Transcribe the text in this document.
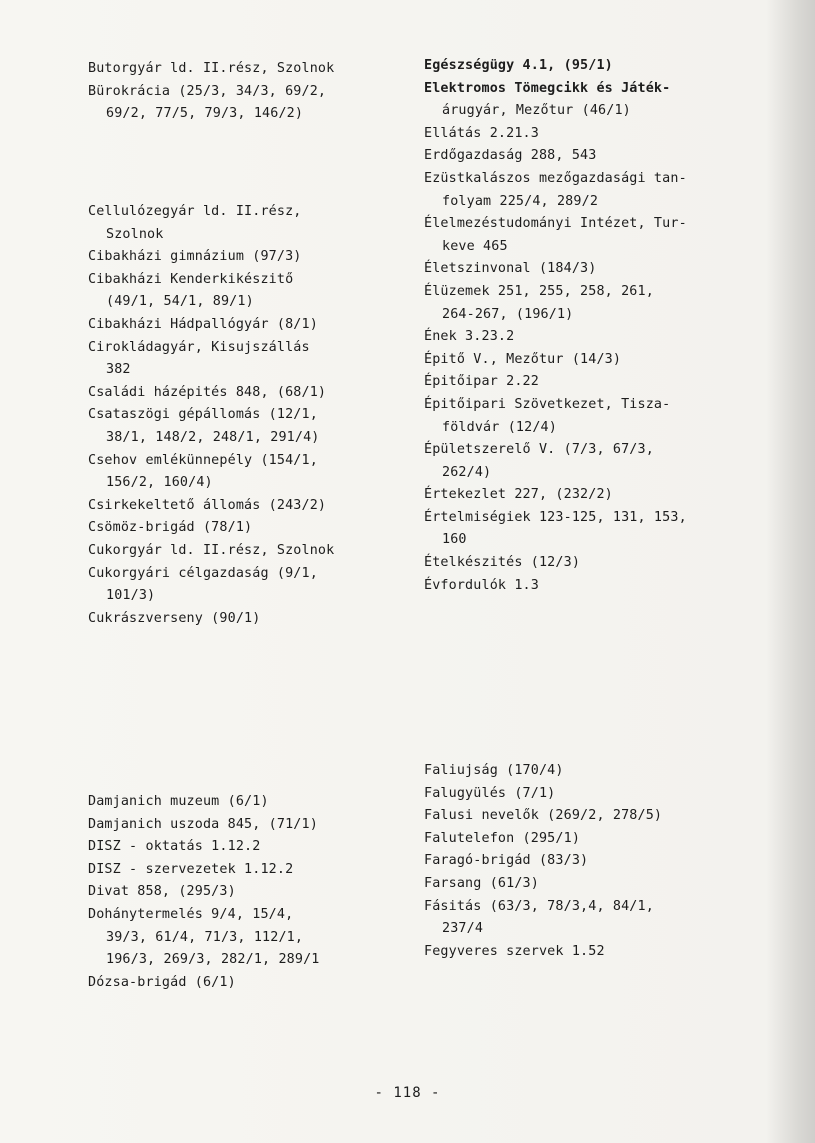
Butorgyár ld. II.rész, Szolnok
Bürokrácia (25/3, 34/3, 69/2,
69/2, 77/5, 79/3, 146/2)
Cellulózegyár ld. II.rész,
Szolnok
Cibakházi gimnázium (97/3)
Cibakházi Kenderkikészitő
(49/1, 54/1, 89/1)
Cibakházi Hádpallógyár (8/1)
Cirokládagyár, Kisujszállás
382
Családi házépités 848, (68/1)
Csataszögi gépállomás (12/1,
38/1, 148/2, 248/1, 291/4)
Csehov emlékünnepély (154/1,
156/2, 160/4)
Csirkekeltető állomás (243/2)
Csömöz-brigád (78/1)
Cukorgyár ld. II.rész, Szolnok
Cukorgyári célgazdaság (9/1,
101/3)
Cukrászverseny (90/1)
Damjanich muzeum (6/1)
Damjanich uszoda 845, (71/1)
DISZ - oktatás 1.12.2
DISZ - szervezetek 1.12.2
Divat 858, (295/3)
Dohánytermelés 9/4, 15/4,
39/3, 61/4, 71/3, 112/1,
196/3, 269/3, 282/1, 289/1
Dózsa-brigád (6/1)
Egészségügy 4.1, (95/1)
Elektromos Tömegcikk és Játék-
árugyár, Mezőtur (46/1)
Ellátás 2.21.3
Erdőgazdaság 288, 543
Ezüstkalászos mezőgazdasági tan-
folyam 225/4, 289/2
Élelmezéstudományi Intézet, Tur-
keve 465
Életszinvonal (184/3)
Élüzemek 251, 255, 258, 261,
264-267, (196/1)
Ének 3.23.2
Épitő V., Mezőtur (14/3)
Épitőipar 2.22
Épitőipari Szövetkezet, Tisza-
földvár (12/4)
Épületszerelő V. (7/3, 67/3,
262/4)
Értekezlet 227, (232/2)
Értelmiségiek 123-125, 131, 153,
160
Ételkészités (12/3)
Évfordulók 1.3
Faliujság (170/4)
Falugyülés (7/1)
Falusi nevelők (269/2, 278/5)
Falutelefon (295/1)
Faragó-brigád (83/3)
Farsang (61/3)
Fásitás (63/3, 78/3,4, 84/1,
237/4
Fegyveres szervek 1.52
- 118 -
